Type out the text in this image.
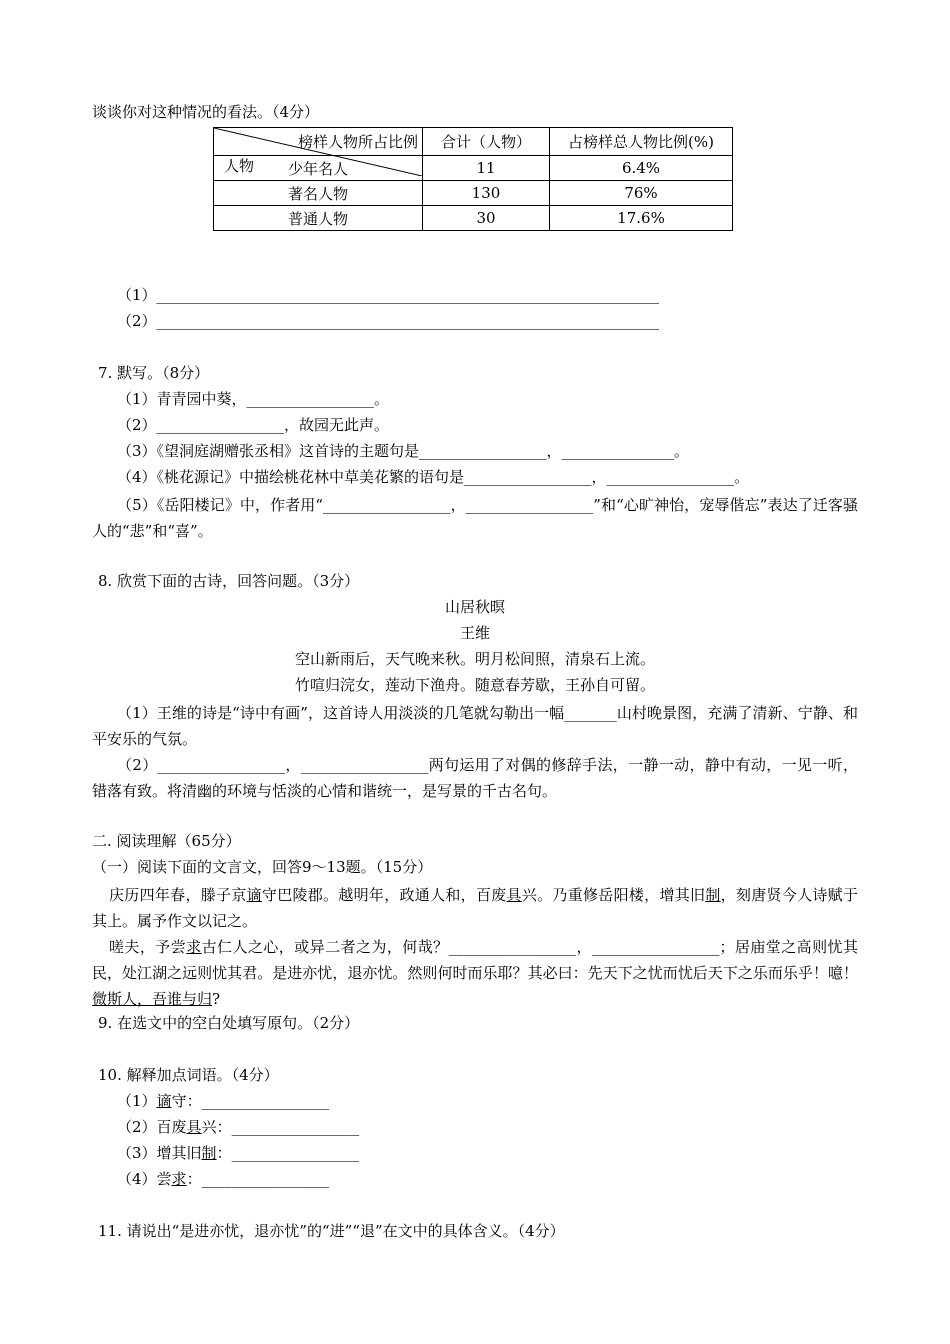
谈谈你对这种情况的看法。（4分）
榜样人物所占比例
人物	合计（人物）	占榜样总人物比例(%)
少年名人	11	6.4%
著名人物	130	76%
普通人物	30	17.6%
（1）___________________________________________________________________
（2）___________________________________________________________________
7. 默写。（8分）
（1）青青园中葵，_________________。
（2）_________________，故园无此声。
（3）《望洞庭湖赠张丞相》这首诗的主题句是_________________，_______________。
（4）《桃花源记》中描绘桃花林中草美花繁的语句是_________________，_________________。
（5）《岳阳楼记》中，作者用“_________________，_________________”和“心旷神怡，宠辱偕忘”表达了迁客骚人的“悲”和“喜”。
8. 欣赏下面的古诗，回答问题。（3分）
山居秋暝
王维
空山新雨后，天气晚来秋。明月松间照，清泉石上流。
竹喧归浣女，莲动下渔舟。随意春芳歇，王孙自可留。
（1）王维的诗是“诗中有画”，这首诗人用淡淡的几笔就勾勒出一幅_______山村晚景图，充满了清新、宁静、和平安乐的气氛。
（2）_________________，_________________两句运用了对偶的修辞手法，一静一动，静中有动，一见一听，错落有致。将清幽的环境与恬淡的心情和谐统一，是写景的千古名句。
二. 阅读理解（65分）
（一）阅读下面的文言文，回答9～13题。（15分）
庆历四年春，滕子京谪守巴陵郡。越明年，政通人和，百废具兴。乃重修岳阳楼，增其旧制，刻唐贤今人诗赋于其上。属予作文以记之。
嗟夫，予尝求古仁人之心，或异二者之为，何哉？_________________，_________________；居庙堂之高则忧其民，处江湖之远则忧其君。是进亦忧，退亦忧。然则何时而乐耶？其必曰：先天下之忧而忧后天下之乐而乐乎！噫！微斯人，吾谁与归?
9. 在选文中的空白处填写原句。（2分）
10. 解释加点词语。（4分）
（1）谪守：_________________
（2）百废具兴：_________________
（3）增其旧制：_________________
（4）尝求：_________________
11. 请说出“是进亦忧，退亦忧”的“进”“退”在文中的具体含义。（4分）
